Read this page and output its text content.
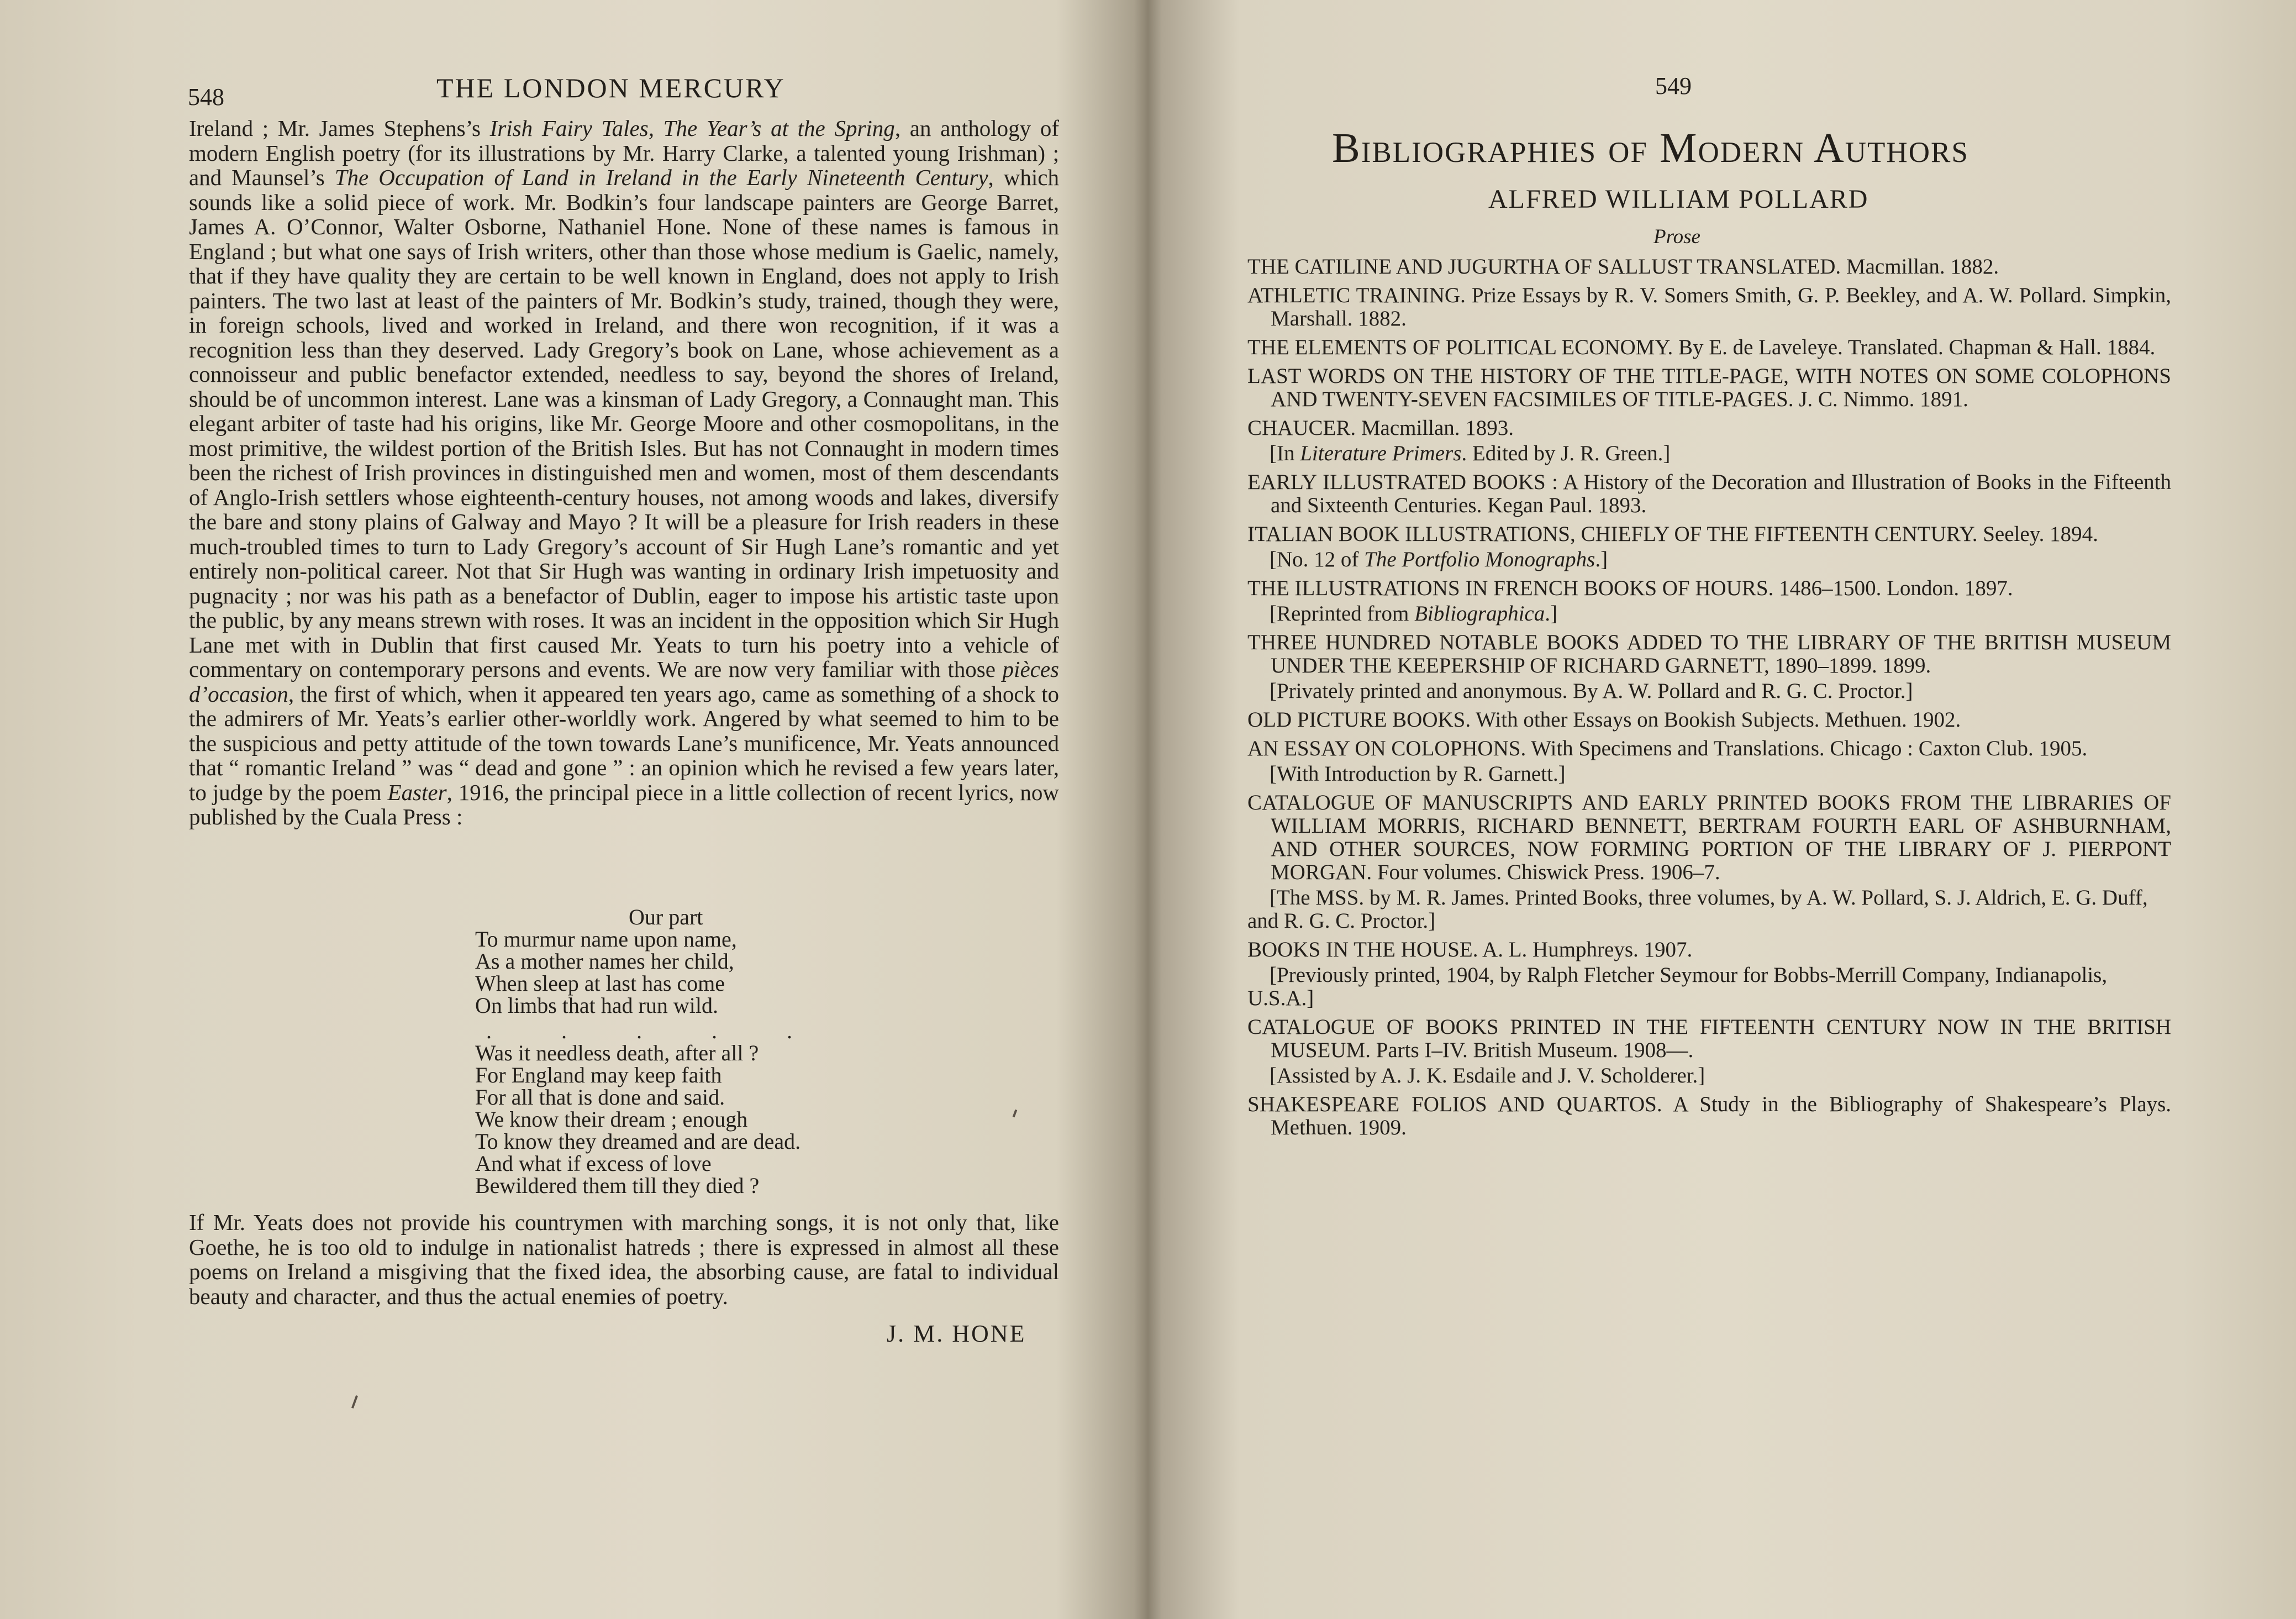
548	THE LONDON MERCURY

Ireland ; Mr. James Stephens’s Irish Fairy Tales, The Year’s at the Spring, an anthology of modern English poetry (for its illustrations by Mr. Harry Clarke, a talented young Irishman) ; and Maunsel’s The Occupation of Land in Ireland in the Early Nineteenth Century, which sounds like a solid piece of work. Mr. Bodkin’s four landscape painters are George Barret, James A. O’Connor, Walter Osborne, Nathaniel Hone. None of these names is famous in England ; but what one says of Irish writers, other than those whose medium is Gaelic, namely, that if they have quality they are certain to be well known in England, does not apply to Irish painters. The two last at least of the painters of Mr. Bodkin’s study, trained, though they were, in foreign schools, lived and worked in Ireland, and there won recognition, if it was a recognition less than they deserved. Lady Gregory’s book on Lane, whose achievement as a connoisseur and public benefactor extended, needless to say, beyond the shores of Ireland, should be of uncommon interest. Lane was a kinsman of Lady Gregory, a Connaught man. This elegant arbiter of taste had his origins, like Mr. George Moore and other cosmopolitans, in the most primitive, the wildest portion of the British Isles. But has not Connaught in modern times been the richest of Irish provinces in distinguished men and women, most of them descendants of Anglo-Irish settlers whose eighteenth-century houses, not among woods and lakes, diversify the bare and stony plains of Galway and Mayo ? It will be a pleasure for Irish readers in these much-troubled times to turn to Lady Gregory’s account of Sir Hugh Lane’s romantic and yet entirely non-political career. Not that Sir Hugh was wanting in ordinary Irish impetuosity and pugnacity ; nor was his path as a benefactor of Dublin, eager to impose his artistic taste upon the public, by any means strewn with roses. It was an incident in the opposition which Sir Hugh Lane met with in Dublin that first caused Mr. Yeats to turn his poetry into a vehicle of commentary on contemporary persons and events. We are now very familiar with those pièces d’occasion, the first of which, when it appeared ten years ago, came as something of a shock to the admirers of Mr. Yeats’s earlier other-worldly work. Angered by what seemed to him to be the suspicious and petty attitude of the town towards Lane’s munificence, Mr. Yeats announced that “ romantic Ireland ” was “ dead and gone ” : an opinion which he revised a few years later, to judge by the poem Easter, 1916, the principal piece in a little collection of recent lyrics, now published by the Cuala Press :

Our part
To murmur name upon name,
As a mother names her child,
When sleep at last has come
On limbs that had run wild.
. . . . .
Was it needless death, after all ?
For England may keep faith
For all that is done and said.
We know their dream ; enough
To know they dreamed and are dead.
And what if excess of love
Bewildered them till they died ?

If Mr. Yeats does not provide his countrymen with marching songs, it is not only that, like Goethe, he is too old to indulge in nationalist hatreds ; there is expressed in almost all these poems on Ireland a misgiving that the fixed idea, the absorbing cause, are fatal to individual beauty and character, and thus the actual enemies of poetry.

J. M. HONE
549
Bibliographies of Modern Authors
ALFRED WILLIAM POLLARD
Prose
THE CATILINE AND JUGURTHA OF SALLUST TRANSLATED. Macmillan. 1882.
ATHLETIC TRAINING. Prize Essays by R. V. Somers Smith, G. P. Beekley, and A. W. Pollard. Simpkin, Marshall. 1882.
THE ELEMENTS OF POLITICAL ECONOMY. By E. de Laveleye. Translated. Chapman & Hall. 1884.
LAST WORDS ON THE HISTORY OF THE TITLE-PAGE, WITH NOTES ON SOME COLOPHONS AND TWENTY-SEVEN FACSIMILES OF TITLE-PAGES. J. C. Nimmo. 1891.
CHAUCER. Macmillan. 1893.
[In Literature Primers. Edited by J. R. Green.]
EARLY ILLUSTRATED BOOKS : A History of the Decoration and Illustration of Books in the Fifteenth and Sixteenth Centuries. Kegan Paul. 1893.
ITALIAN BOOK ILLUSTRATIONS, CHIEFLY OF THE FIFTEENTH CENTURY. Seeley. 1894.
[No. 12 of The Portfolio Monographs.]
THE ILLUSTRATIONS IN FRENCH BOOKS OF HOURS. 1486–1500. London. 1897.
[Reprinted from Bibliographica.]
THREE HUNDRED NOTABLE BOOKS ADDED TO THE LIBRARY OF THE BRITISH MUSEUM UNDER THE KEEPERSHIP OF RICHARD GARNETT, 1890–1899. 1899.
[Privately printed and anonymous. By A. W. Pollard and R. G. C. Proctor.]
OLD PICTURE BOOKS. With other Essays on Bookish Subjects. Methuen. 1902.
AN ESSAY ON COLOPHONS. With Specimens and Translations. Chicago : Caxton Club. 1905.
[With Introduction by R. Garnett.]
CATALOGUE OF MANUSCRIPTS AND EARLY PRINTED BOOKS FROM THE LIBRARIES OF WILLIAM MORRIS, RICHARD BENNETT, BERTRAM FOURTH EARL OF ASHBURNHAM, AND OTHER SOURCES, NOW FORMING PORTION OF THE LIBRARY OF J. PIERPONT MORGAN. Four volumes. Chiswick Press. 1906–7.
[The MSS. by M. R. James. Printed Books, three volumes, by A. W. Pollard, S. J. Aldrich, E. G. Duff, and R. G. C. Proctor.]
BOOKS IN THE HOUSE. A. L. Humphreys. 1907.
[Previously printed, 1904, by Ralph Fletcher Seymour for Bobbs-Merrill Company, Indianapolis, U.S.A.]
CATALOGUE OF BOOKS PRINTED IN THE FIFTEENTH CENTURY NOW IN THE BRITISH MUSEUM. Parts I–IV. British Museum. 1908—.
[Assisted by A. J. K. Esdaile and J. V. Scholderer.]
SHAKESPEARE FOLIOS AND QUARTOS. A Study in the Bibliography of Shakespeare’s Plays. Methuen. 1909.
